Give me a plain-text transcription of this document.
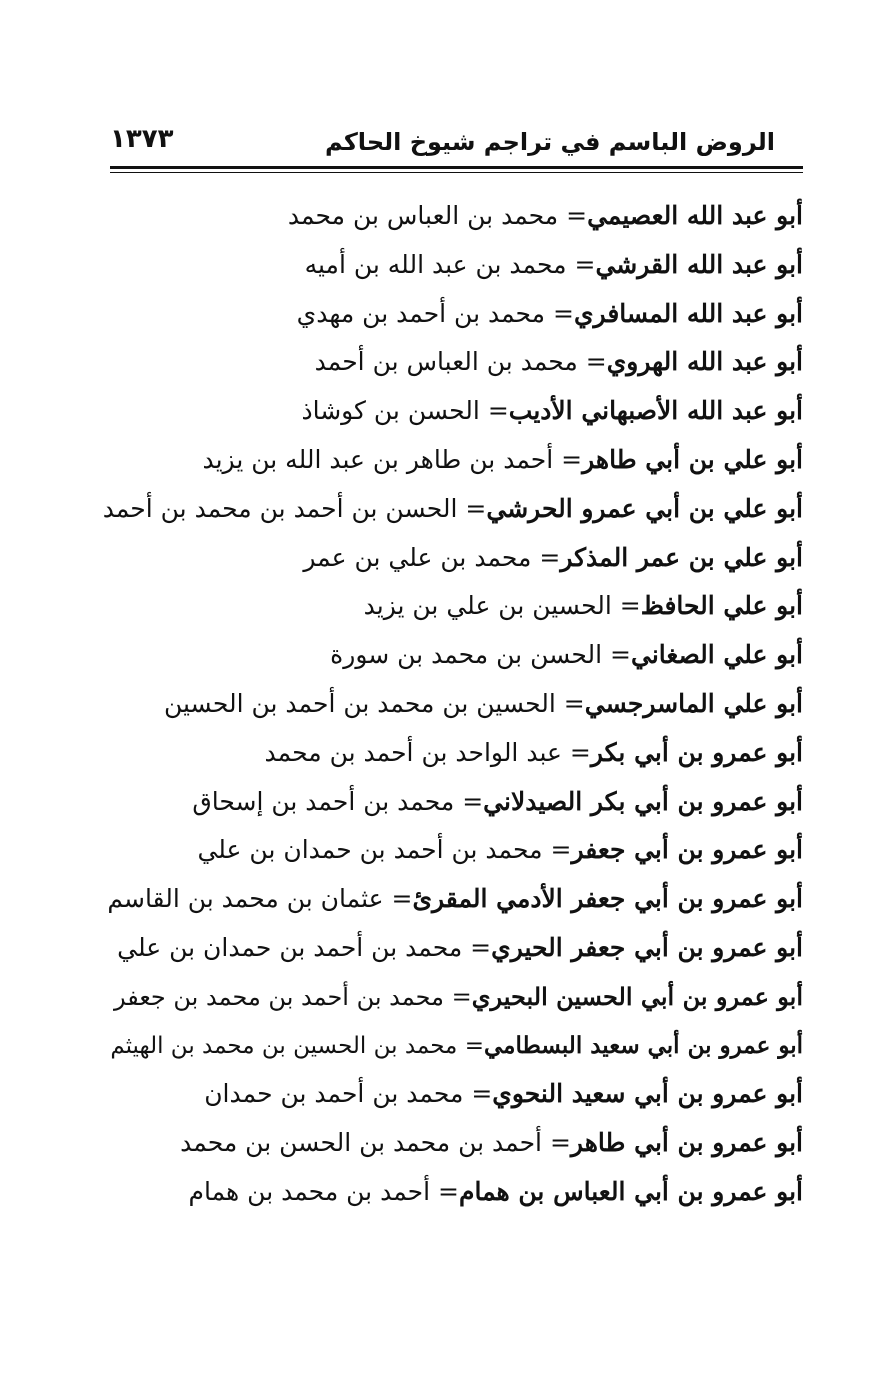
الروض الباسم في تراجم شيوخ الحاكم
١٣٧٣
أبو عبد الله العصيمي= محمد بن العباس بن محمد
أبو عبد الله القرشي= محمد بن عبد الله بن أميه
أبو عبد الله المسافري= محمد بن أحمد بن مهدي
أبو عبد الله الهروي= محمد بن العباس بن أحمد
أبو عبد الله الأصبهاني الأديب= الحسن بن كوشاذ
أبو علي بن أبي طاهر= أحمد بن طاهر بن عبد الله بن يزيد
أبو علي بن أبي عمرو الحرشي= الحسن بن أحمد بن محمد بن أحمد
أبو علي بن عمر المذكر= محمد بن علي بن عمر
أبو علي الحافظ= الحسين بن علي بن يزيد
أبو علي الصغاني= الحسن بن محمد بن سورة
أبو علي الماسرجسي= الحسين بن محمد بن أحمد بن الحسين
أبو عمرو بن أبي بكر= عبد الواحد بن أحمد بن محمد
أبو عمرو بن أبي بكر الصيدلاني= محمد بن أحمد بن إسحاق
أبو عمرو بن أبي جعفر= محمد بن أحمد بن حمدان بن علي
أبو عمرو بن أبي جعفر الأدمي المقرئ= عثمان بن محمد بن القاسم
أبو عمرو بن أبي جعفر الحيري= محمد بن أحمد بن حمدان بن علي
أبو عمرو بن أبي الحسين البحيري= محمد بن أحمد بن محمد بن جعفر
أبو عمرو بن أبي سعيد البسطامي= محمد بن الحسين بن محمد بن الهيثم
أبو عمرو بن أبي سعيد النحوي= محمد بن أحمد بن حمدان
أبو عمرو بن أبي طاهر= أحمد بن محمد بن الحسن بن محمد
أبو عمرو بن أبي العباس بن همام= أحمد بن محمد بن همام
